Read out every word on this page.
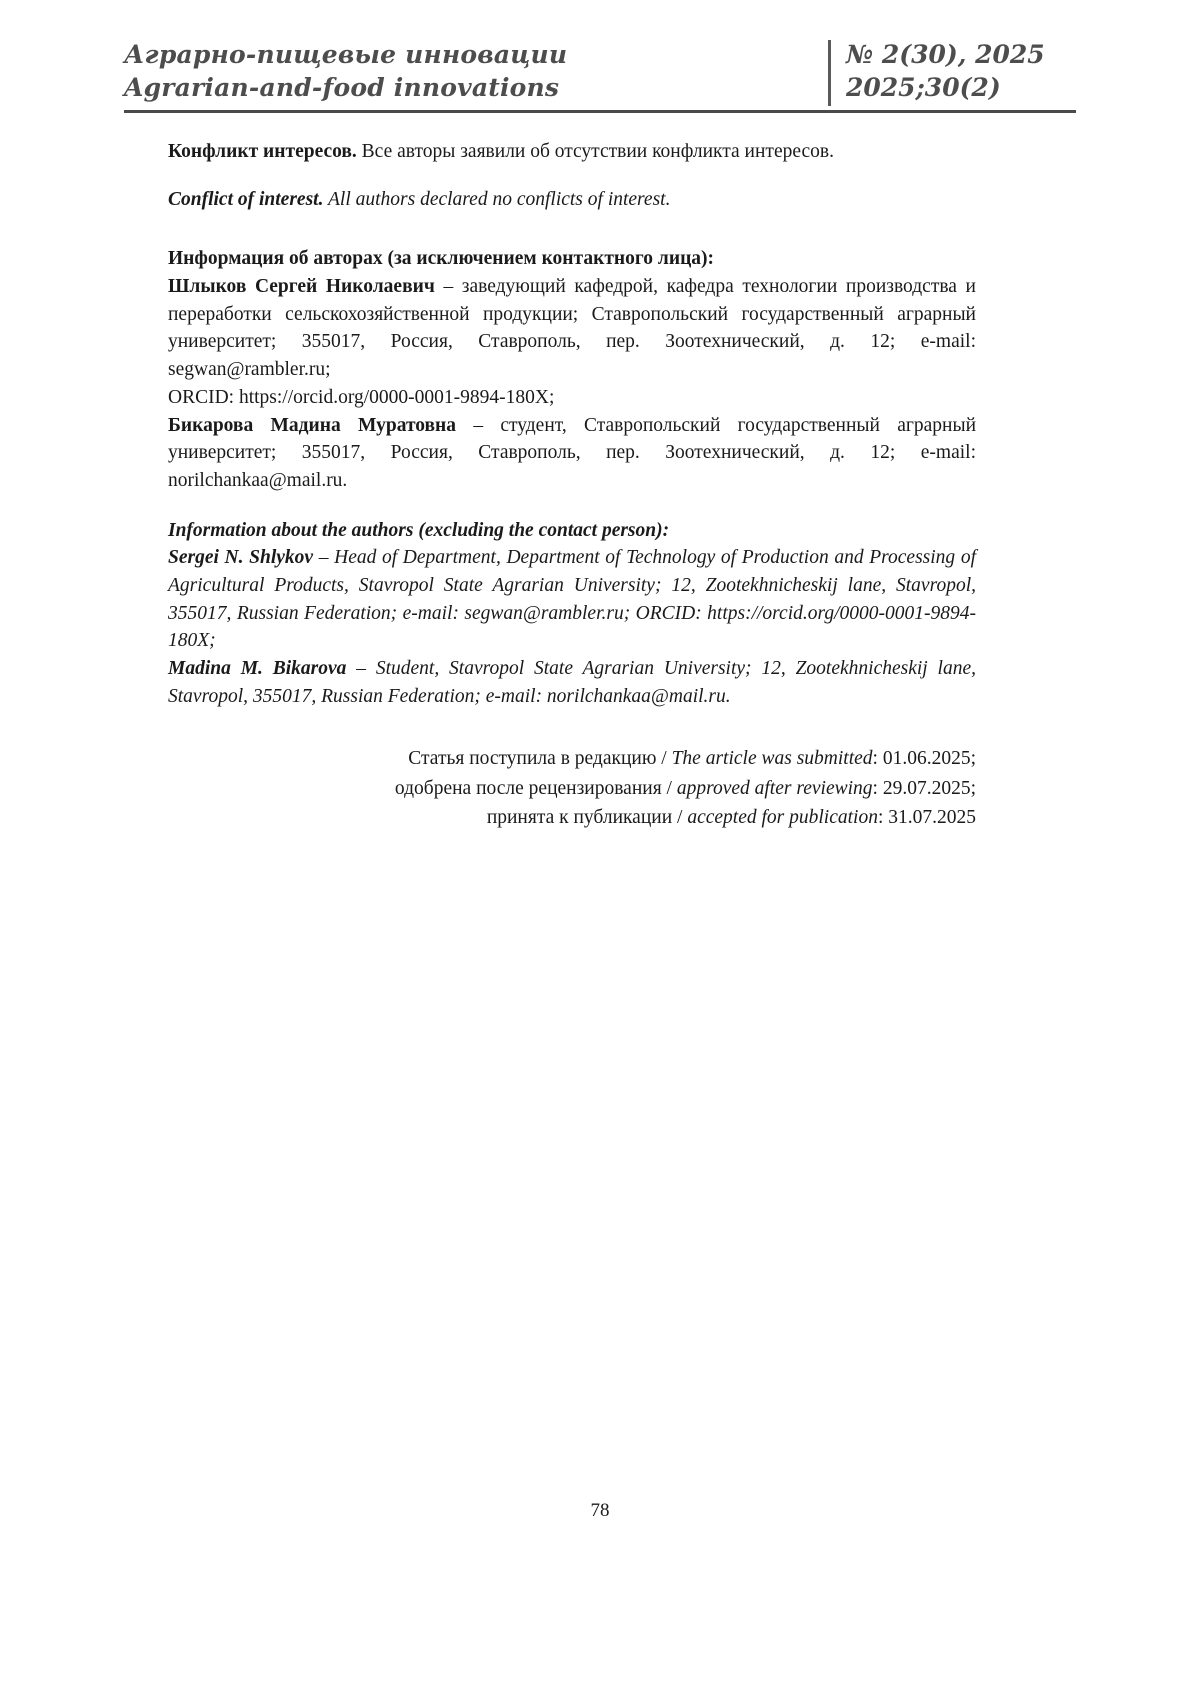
Аграрно-пищевые инновации
Agrarian-and-food innovations
№ 2(30), 2025
2025;30(2)

Конфликт интересов. Все авторы заявили об отсутствии конфликта интересов.

Conflict of interest. All authors declared no conflicts of interest.

Информация об авторах (за исключением контактного лица):

Шлыков Сергей Николаевич – заведующий кафедрой, кафедра технологии производства и переработки сельскохозяйственной продукции; Ставропольский государственный аграрный университет; 355017, Россия, Ставрополь, пер. Зоотехнический, д. 12; e-mail: segwan@rambler.ru;

ORCID: https://orcid.org/0000-0001-9894-180X;

Бикарова Мадина Муратовна – студент, Ставропольский государственный аграрный университет; 355017, Россия, Ставрополь, пер. Зоотехнический, д. 12; e-mail: norilchankaa@mail.ru.

Information about the authors (excluding the contact person):

Sergei N. Shlykov – Head of Department, Department of Technology of Production and Processing of Agricultural Products, Stavropol State Agrarian University; 12, Zootekhnicheskij lane, Stavropol, 355017, Russian Federation; e-mail: segwan@rambler.ru; ORCID: https://orcid.org/0000-0001-9894-180X;

Madina M. Bikarova – Student, Stavropol State Agrarian University; 12, Zootekhnicheskij lane, Stavropol, 355017, Russian Federation; e-mail: norilchankaa@mail.ru.

Статья поступила в редакцию / The article was submitted: 01.06.2025;

одобрена после рецензирования / approved after reviewing: 29.07.2025;

принята к публикации / accepted for publication: 31.07.2025

78
